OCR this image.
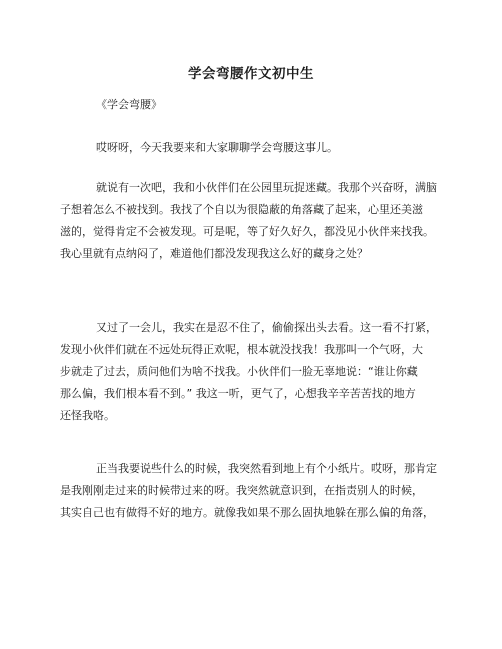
学会弯腰作文初中生
《学会弯腰》
哎呀呀，今天我要来和大家聊聊学会弯腰这事儿。
就说有一次吧，我和小伙伴们在公园里玩捉迷藏。我那个兴奋呀，满脑
子想着怎么不被找到。我找了个自以为很隐蔽的角落藏了起来，心里还美滋
滋的，觉得肯定不会被发现。可是呢，等了好久好久，都没见小伙伴来找我。
我心里就有点纳闷了，难道他们都没发现我这么好的藏身之处？
又过了一会儿，我实在是忍不住了，偷偷探出头去看。这一看不打紧，
发现小伙伴们就在不远处玩得正欢呢，根本就没找我！我那叫一个气呀，大
步就走了过去，质问他们为啥不找我。小伙伴们一脸无辜地说：“谁让你藏
那么偏，我们根本看不到。” 我这一听，更气了，心想我辛辛苦苦找的地方
还怪我咯。
正当我要说些什么的时候，我突然看到地上有个小纸片。哎呀，那肯定
是我刚刚走过来的时候带过来的呀。我突然就意识到，在指责别人的时候，
其实自己也有做得不好的地方。就像我如果不那么固执地躲在那么偏的角落，
